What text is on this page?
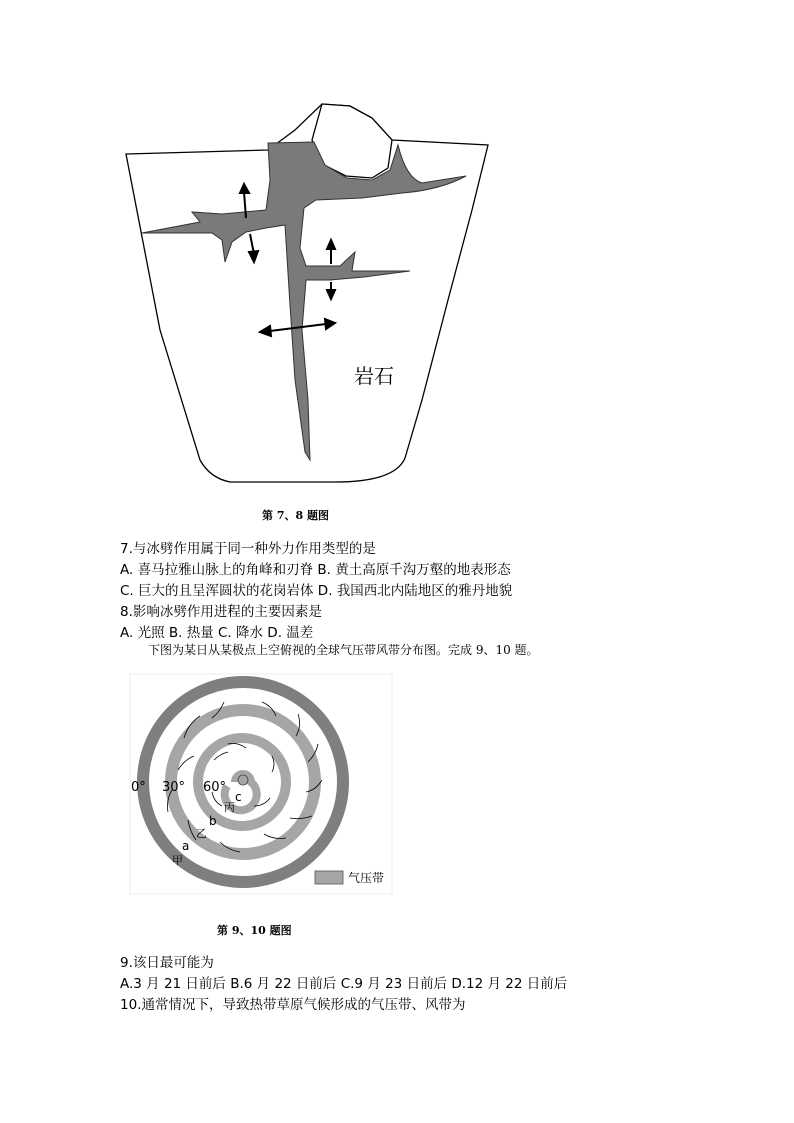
岩石
第 7、8 题图
7.与冰劈作用属于同一种外力作用类型的是
A. 喜马拉雅山脉上的角峰和刃脊 B. 黄土高原千沟万壑的地表形态
C. 巨大的且呈浑圆状的花岗岩体 D. 我国西北内陆地区的雅丹地貌
8.影响冰劈作用进程的主要因素是
A. 光照 B. 热量 C. 降水 D. 温差
下图为某日从某极点上空俯视的全球气压带风带分布图。完成 9、10 题。
0° 30° 60°
c
丙
b
乙
a
甲
气压带
第 9、10 题图
9.该日最可能为
A.3 月 21 日前后 B.6 月 22 日前后 C.9 月 23 日前后 D.12 月 22 日前后
10.通常情况下，导致热带草原气候形成的气压带、风带为
